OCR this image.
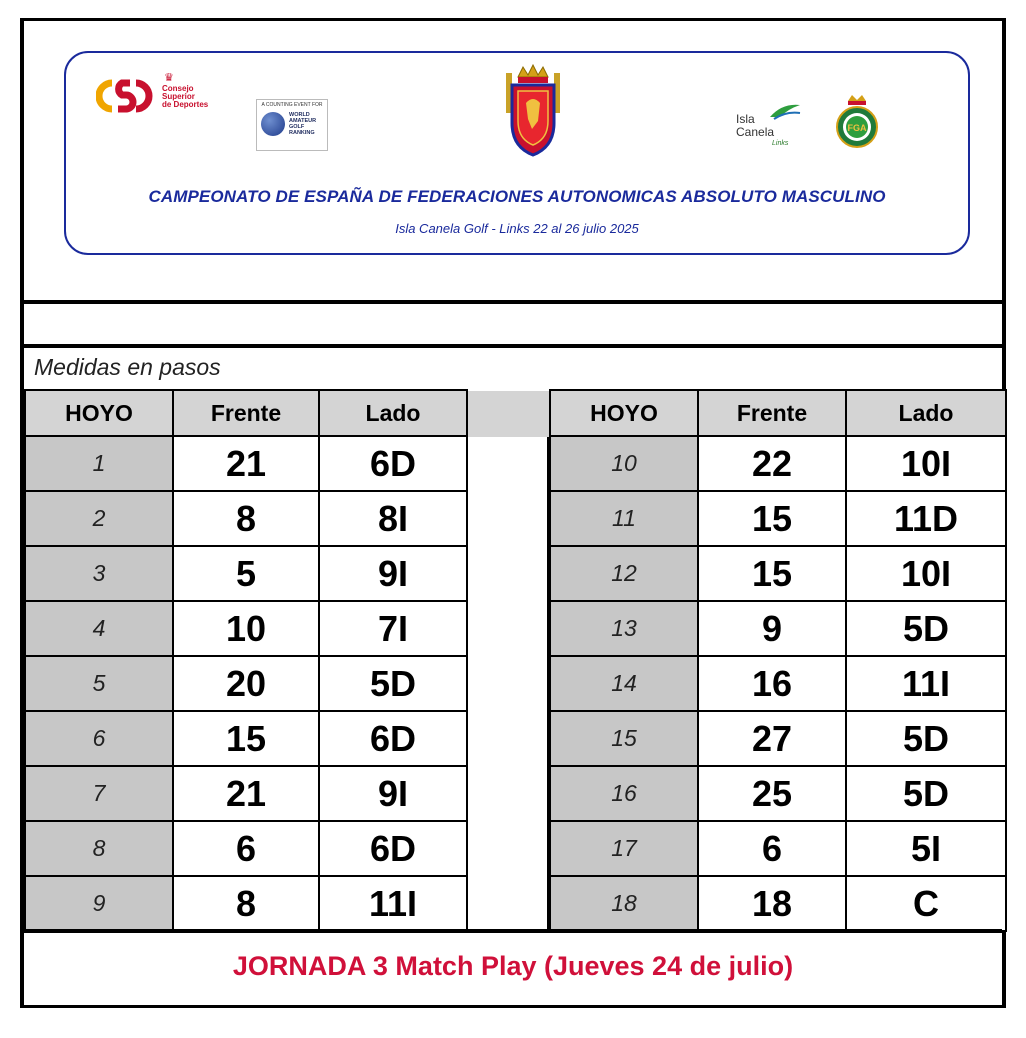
♛
Consejo
Superior
de Deportes	A COUNTING EVENT FOR
WORLD
AMATEUR
GOLF
RANKING
Isla
Canela
Links
FGA
CAMPEONATO DE ESPAÑA DE FEDERACIONES AUTONOMICAS ABSOLUTO MASCULINO
Isla Canela Golf - Links 22 al 26 julio 2025
Medidas en pasos
HOYO	Frente	Lado
1	21	6D
2	8	8I
3	5	9I
4	10	7I
5	20	5D
6	15	6D
7	21	9I
8	6	6D
9	8	11I
HOYO	Frente	Lado
10	22	10I
11	15	11D
12	15	10I
13	9	5D
14	16	11I
15	27	5D
16	25	5D
17	6	5I
18	18	C
JORNADA 3 Match Play (Jueves 24 de julio)
